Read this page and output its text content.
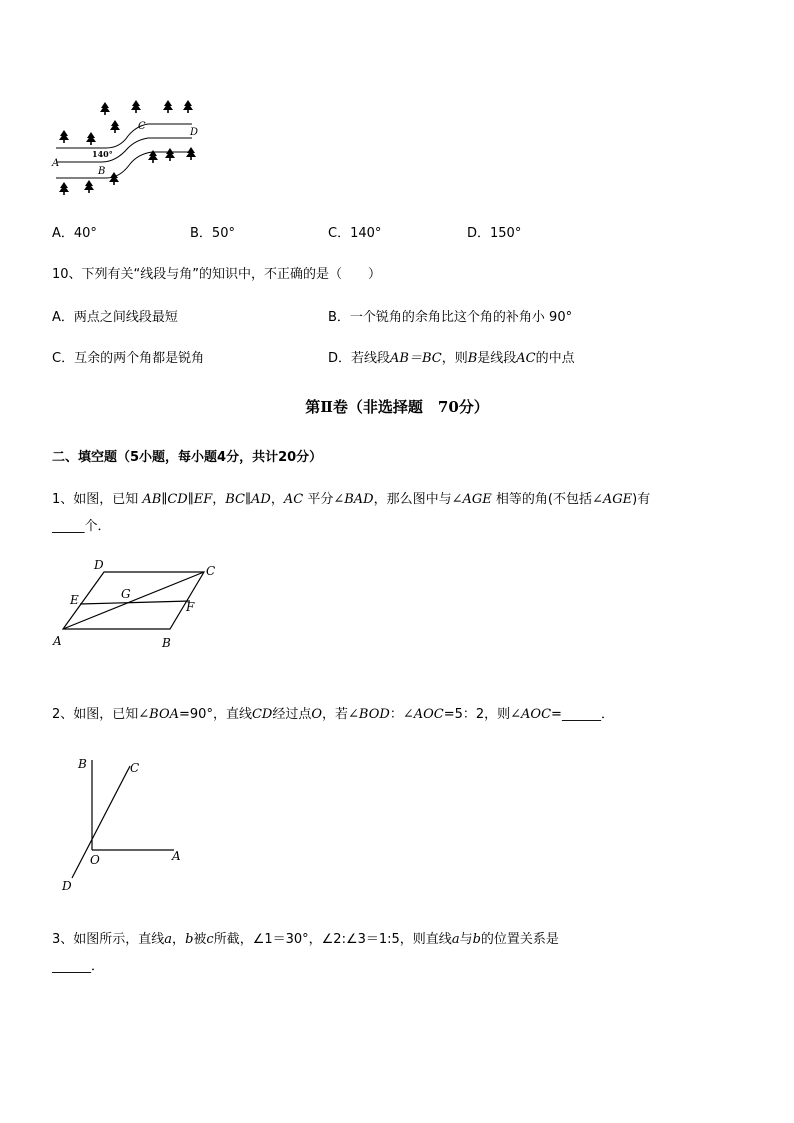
C
D
A
B
140°
A．40°	B．50°	C．140°	D．150°
10、下列有关“线段与角”的知识中，不正确的是（　　）
A．两点之间线段最短	B．一个锐角的余角比这个角的补角小 90°
C．互余的两个角都是锐角	D．若线段AB＝BC，则B是线段AC的中点
第Ⅱ卷（非选择题　70分）
二、填空题（5小题，每小题4分，共计20分）
1、如图，已知 AB∥CD∥EF，BC∥AD，AC 平分∠BAD，那么图中与∠AGE 相等的角(不包括∠AGE)有
_____个．
D	C
E	G
F
A	B
2、如图，已知∠BOA=90°，直线CD经过点O，若∠BOD：∠AOC=5：2，则∠AOC=______．
B	C
O	A
D
3、如图所示，直线a，b被c所截，∠1＝30°，∠2:∠3＝1:5，则直线a与b的位置关系是
______．
